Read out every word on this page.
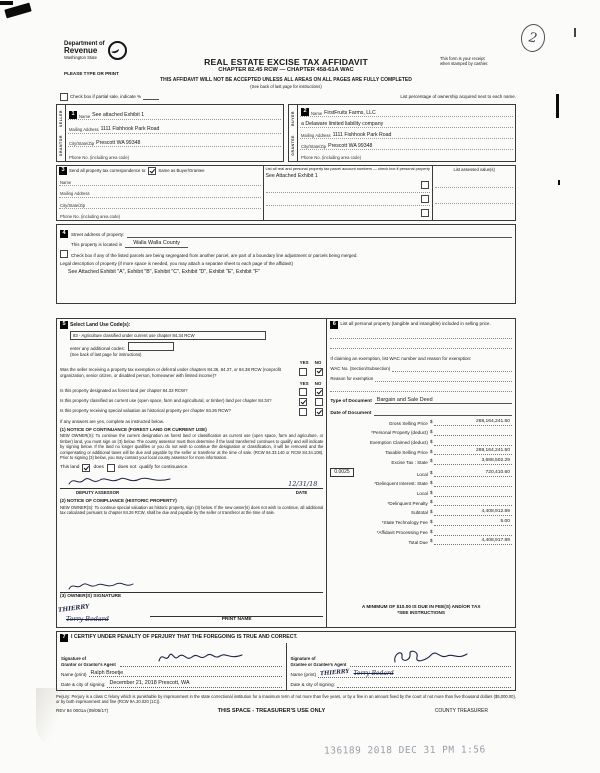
2
Department of
Revenue
Washington State	REAL ESTATE EXCISE TAX AFFIDAVIT
CHAPTER 82.45 RCW — CHAPTER 458-61A WAC
This form is your receipt
when stamped by cashier.
PLEASE TYPE OR PRINT
THIS AFFIDAVIT WILL NOT BE ACCEPTED UNLESS ALL AREAS ON ALL PAGES ARE FULLY COMPLETED
(See back of last page for instructions)
Check box if partial sale, indicate %	List percentage of ownership acquired next to each name.
SELLER
GRANTOR
1	Name See attached Exhibit 1
Mailing Address 1111 Fishhook Park Road
City/State/Zip Prescott WA 99348
Phone No. (including area code)
BUYER
GRANTEE
2	Name FirstFruits Farms, LLC
a Delaware limited liability company
Mailing Address 1111 Fishhook Park Road
City/State/Zip Prescott WA 99348
Phone No. (including area code)
3	Send all property tax correspondence to:	Same as Buyer/Grantee
Name
Mailing Address
City/State/Zip
Phone No. (including area code)
List all real and personal property tax parcel account numbers — check box if personal property
See Attached Exhibit 1
List assessed value(s)
4	Street address of property:
This property is located in	Walla Walla County
Check box if any of the listed parcels are being segregated from another parcel, are part of a boundary line adjustment or parcels being merged.
Legal description of property (if more space is needed, you may attach a separate sheet to each page of the affidavit)
See Attached Exhibit "A", Exhibit "B", Exhibit "C", Exhibit "D", Exhibit "E", Exhibit "F"
5 Select Land Use Code(s):
83 - Agriculture classified under current use chapter 84.34 RCW
enter any additional codes:
(See back of last page for instructions)
YES NO
Was the seller receiving a property tax exemption or deferral under chapters 84.36, 84.37, or 84.38 RCW (nonprofit organization, senior citizen, or disabled person, homeowner with limited income)?
YES NO
Is this property designated as forest land per chapter 84.33 RCW?
Is this property classified as current use (open space, farm and agricultural, or timber) land per chapter 84.34?
Is this property receiving special valuation as historical property per chapter 84.26 RCW?
If any answers are yes, complete as instructed below.
(1) NOTICE OF CONTINUANCE (FOREST LAND OR CURRENT USE)
NEW OWNER(S): To continue the current designation as forest land or classification as current use (open space, farm and agriculture, or timber) land, you must sign on (3) below. The county assessor must then determine if the land transferred continues to qualify and will indicate by signing below. If the land no longer qualifies or you do not wish to continue the designation or classification, it will be removed and the compensating or additional taxes will be due and payable by the seller or transferor at the time of sale. (RCW 84.33.140 or RCW 84.34.108). Prior to signing (3) below, you may contact your local county assessor for more information.
This land	does	does not qualify for continuance.
12/31/18
DEPUTY ASSESSOR	DATE
(2) NOTICE OF COMPLIANCE (HISTORIC PROPERTY)
NEW OWNER(S): To continue special valuation as historic property, sign (3) below. If the new owner(s) does not wish to continue, all additional tax calculated pursuant to chapter 84.26 RCW, shall be due and payable by the seller or transferor at the time of sale.
(3) OWNER(S) SIGNATURE
THIERRY
Terry Bedard	PRINT NAME
6 List all personal property (tangible and intangible) included in selling price.
If claiming an exemption, list WAC number and reason for exemption:
WAC No. (Section/Subsection)
Reason for exemption
Type of Document Bargain and Sale Deed
Date of Document
Gross Selling Price $	288,164,241.50
*Personal Property (deduct) $
Exemption Claimed (deduct) $
Taxable Selling Price $	288,164,241.50
Excise Tax : State $	3,688,502.29
0.0025	Local $	720,410.60
*Delinquent Interest: State $
Local $
*Delinquent Penalty $
Subtotal $	4,408,912.89
*State Technology Fee $	5.00
*Affidavit Processing Fee $
Total Due $	4,408,917.89
A MINIMUM OF $10.00 IS DUE IN FEE(S) AND/OR TAX
*SEE INSTRUCTIONS
7	I CERTIFY UNDER PENALTY OF PERJURY THAT THE FOREGOING IS TRUE AND CORRECT.
Signature of
Grantor or Grantor's Agent
Name (print) Ralph Broetje
Date & city of signing: December 21, 2018 Prescott, WA
Signature of
Grantee or Grantee's Agent
Name (print) THIERRY Terry Bedard
Date & city of signing:
Perjury: Perjury is a class C felony which is punishable by imprisonment in the state correctional institution for a maximum term of not more than five years, or by a fine in an amount fixed by the court of not more than five thousand dollars ($5,000.00), or by both imprisonment and fine (RCW 9A.20.020 (1C)).
REV 84 0001a (09/06/17)	THIS SPACE - TREASURER'S USE ONLY	COUNTY TREASURER
136189 2018 DEC 31 PM 1:56
